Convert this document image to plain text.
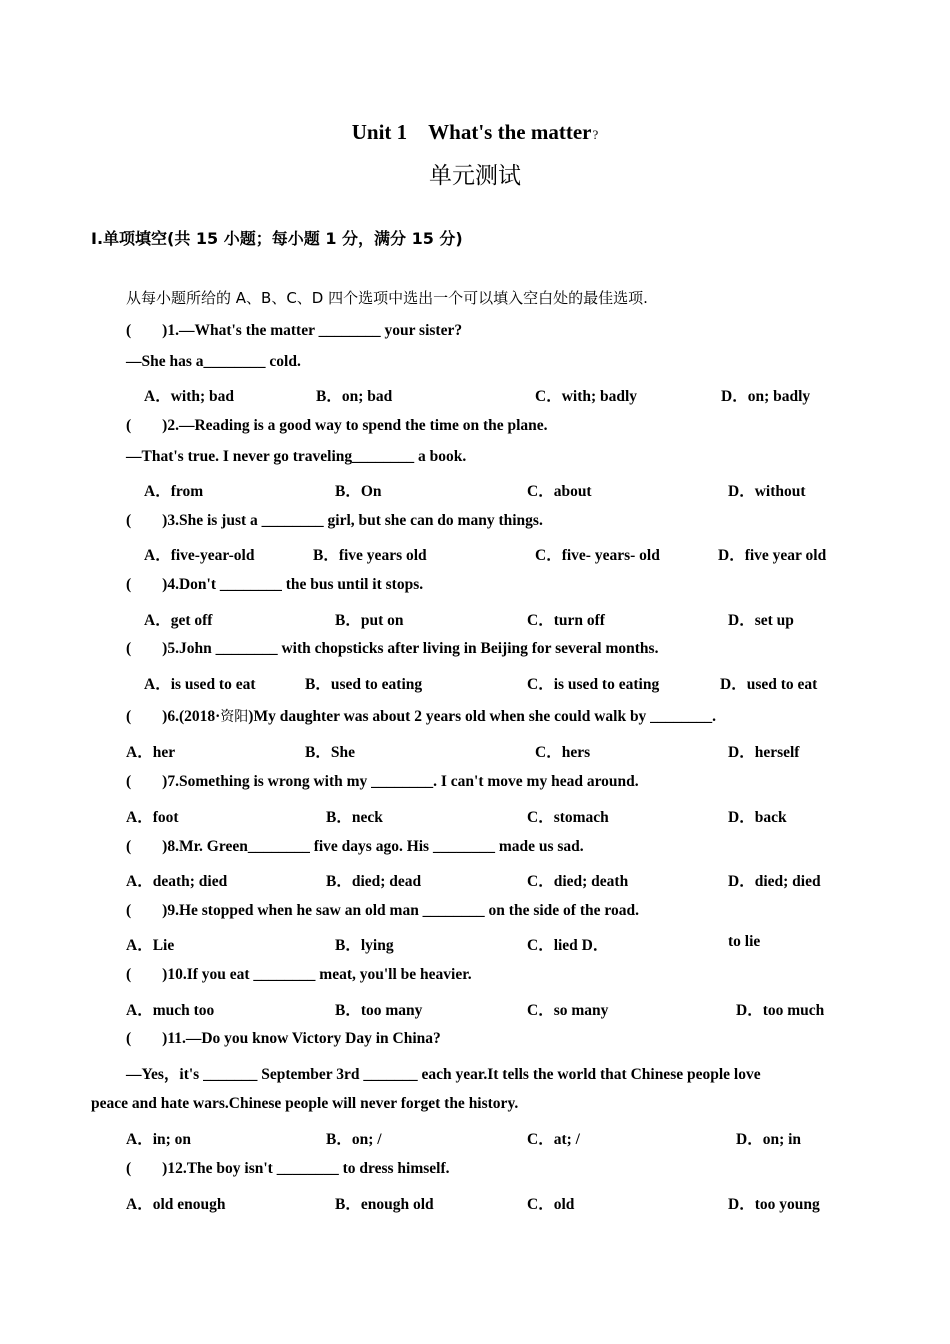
Unit 1　What's the matter?
单元测试
I.单项填空(共 15 小题；每小题 1 分，满分 15 分)
从每小题所给的 A、B、C、D 四个选项中选出一个可以填入空白处的最佳选项.
(        )1.—What's the matter ________ your sister?
—She has a________ cold.
A．with; bad	B．on; bad	C．with; badly	D．on; badly
(        )2.—Reading is a good way to spend the time on the plane.
—That's true. I never go traveling________ a book.
A．from	B．On	C．about	D．without
(        )3.She is just a ________ girl, but she can do many things.
A．five-year-old	B．five years old	C．five- years- old	D．five year old
(        )4.Don't ________ the bus until it stops.
A．get off	B．put on	C．turn off	D．set up
(        )5.John ________ with chopsticks after living in Beijing for several months.
A．is used to eat	B．used to eating	C．is used to eating	D．used to eat
(        )6.(2018·资阳)My daughter was about 2 years old when she could walk by ________.
A．her	B．She	C．hers	D．herself
(        )7.Something is wrong with my ________. I can't move my head around.
A．foot	B．neck	C．stomach	D．back
(        )8.Mr. Green________ five days ago. His ________ made us sad.
A．death; died	B．died; dead	C．died; death	D．died; died
(        )9.He stopped when he saw an old man ________ on the side of the road.
A．Lie	B．lying	C．lied D．	to lie
(        )10.If you eat ________ meat, you'll be heavier.
A．much too	B．too many	C．so many	D．too much
(        )11.—Do you know Victory Day in China?
—Yes，it's _______ September 3rd _______ each year.It tells the world that Chinese people love
peace and hate wars.Chinese people will never forget the history.
A．in; on	B．on; /	C．at; /	D．on; in
(        )12.The boy isn't ________ to dress himself.
A．old enough	B．enough old	C．old	D．too young
